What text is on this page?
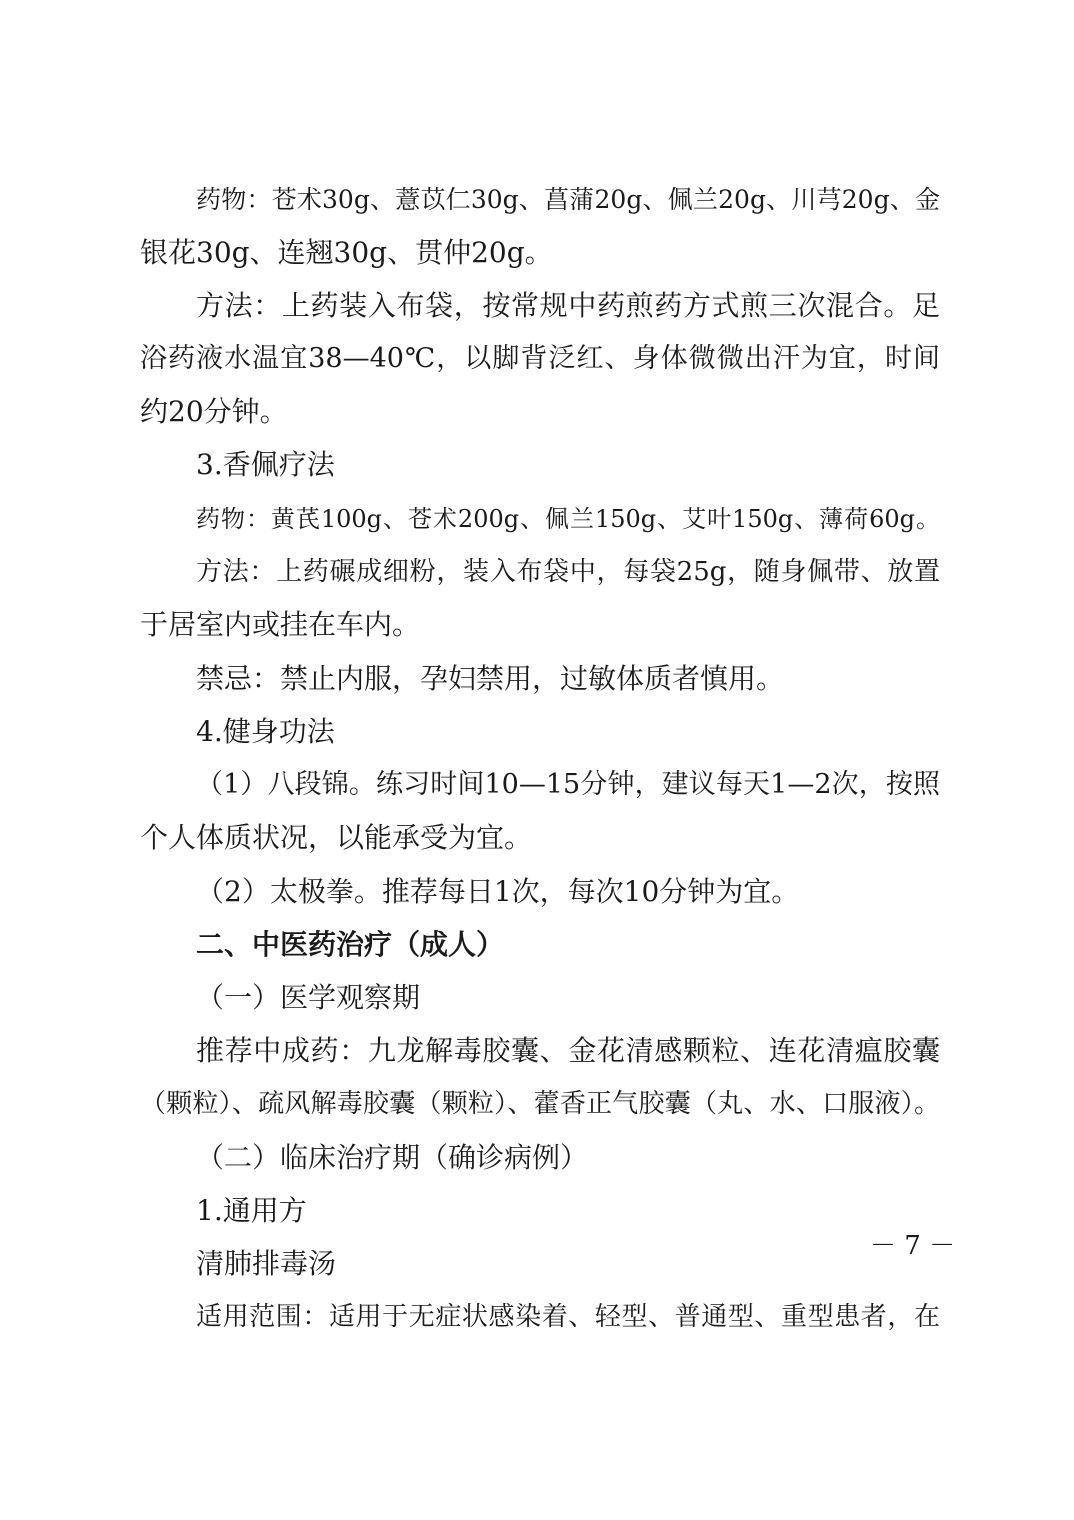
药物：苍术30g、薏苡仁30g、菖蒲20g、佩兰20g、川芎20g、金
银花30g、连翘30g、贯仲20g。
方法：上药装入布袋，按常规中药煎药方式煎三次混合。足
浴药液水温宜38—40℃，以脚背泛红、身体微微出汗为宜，时间
约20分钟。
3.香佩疗法
药物：黄芪100g、苍术200g、佩兰150g、艾叶150g、薄荷60g。
方法：上药碾成细粉，装入布袋中，每袋25g，随身佩带、放置
于居室内或挂在车内。
禁忌：禁止内服，孕妇禁用，过敏体质者慎用。
4.健身功法
（1）八段锦。练习时间10—15分钟，建议每天1—2次，按照
个人体质状况，以能承受为宜。
（2）太极拳。推荐每日1次，每次10分钟为宜。
二、中医药治疗（成人）
（一）医学观察期
推荐中成药：九龙解毒胶囊、金花清感颗粒、连花清瘟胶囊
（颗粒）、疏风解毒胶囊（颗粒）、藿香正气胶囊（丸、水、口服液）。
（二）临床治疗期（确诊病例）
1.通用方
清肺排毒汤
适用范围：适用于无症状感染着、轻型、普通型、重型患者，在
－ 7 －
